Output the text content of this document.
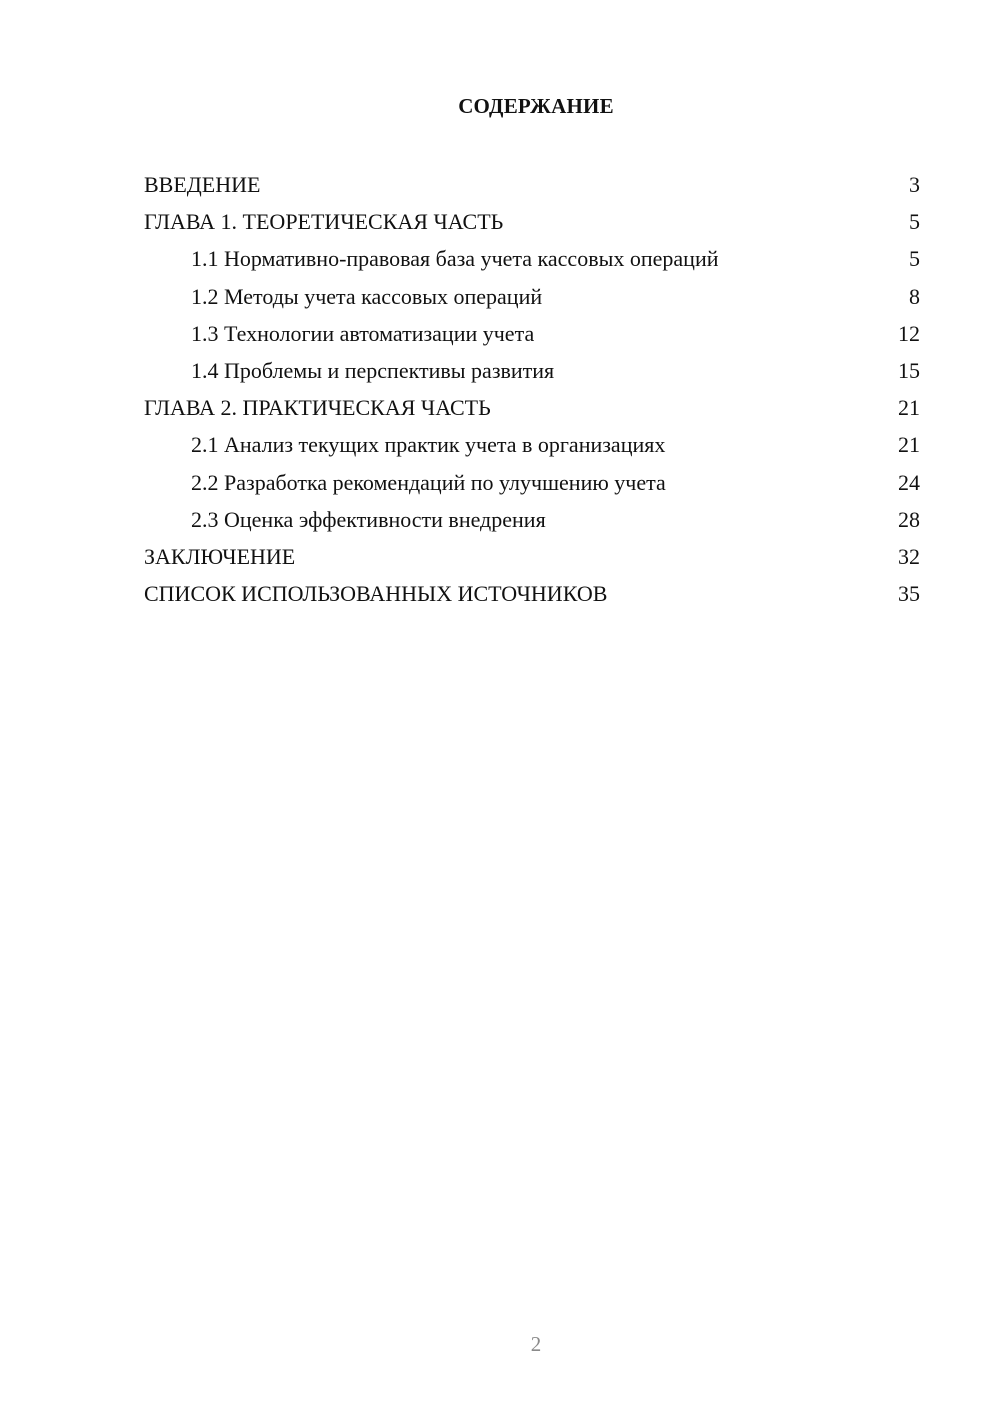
СОДЕРЖАНИЕ
ВВЕДЕНИЕ	3
ГЛАВА 1. ТЕОРЕТИЧЕСКАЯ ЧАСТЬ	5
1.1 Нормативно-правовая база учета кассовых операций	5
1.2 Методы учета кассовых операций	8
1.3 Технологии автоматизации учета	12
1.4 Проблемы и перспективы развития	15
ГЛАВА 2. ПРАКТИЧЕСКАЯ ЧАСТЬ	21
2.1 Анализ текущих практик учета в организациях	21
2.2 Разработка рекомендаций по улучшению учета	24
2.3 Оценка эффективности внедрения	28
ЗАКЛЮЧЕНИЕ	32
СПИСОК ИСПОЛЬЗОВАННЫХ ИСТОЧНИКОВ	35
2
